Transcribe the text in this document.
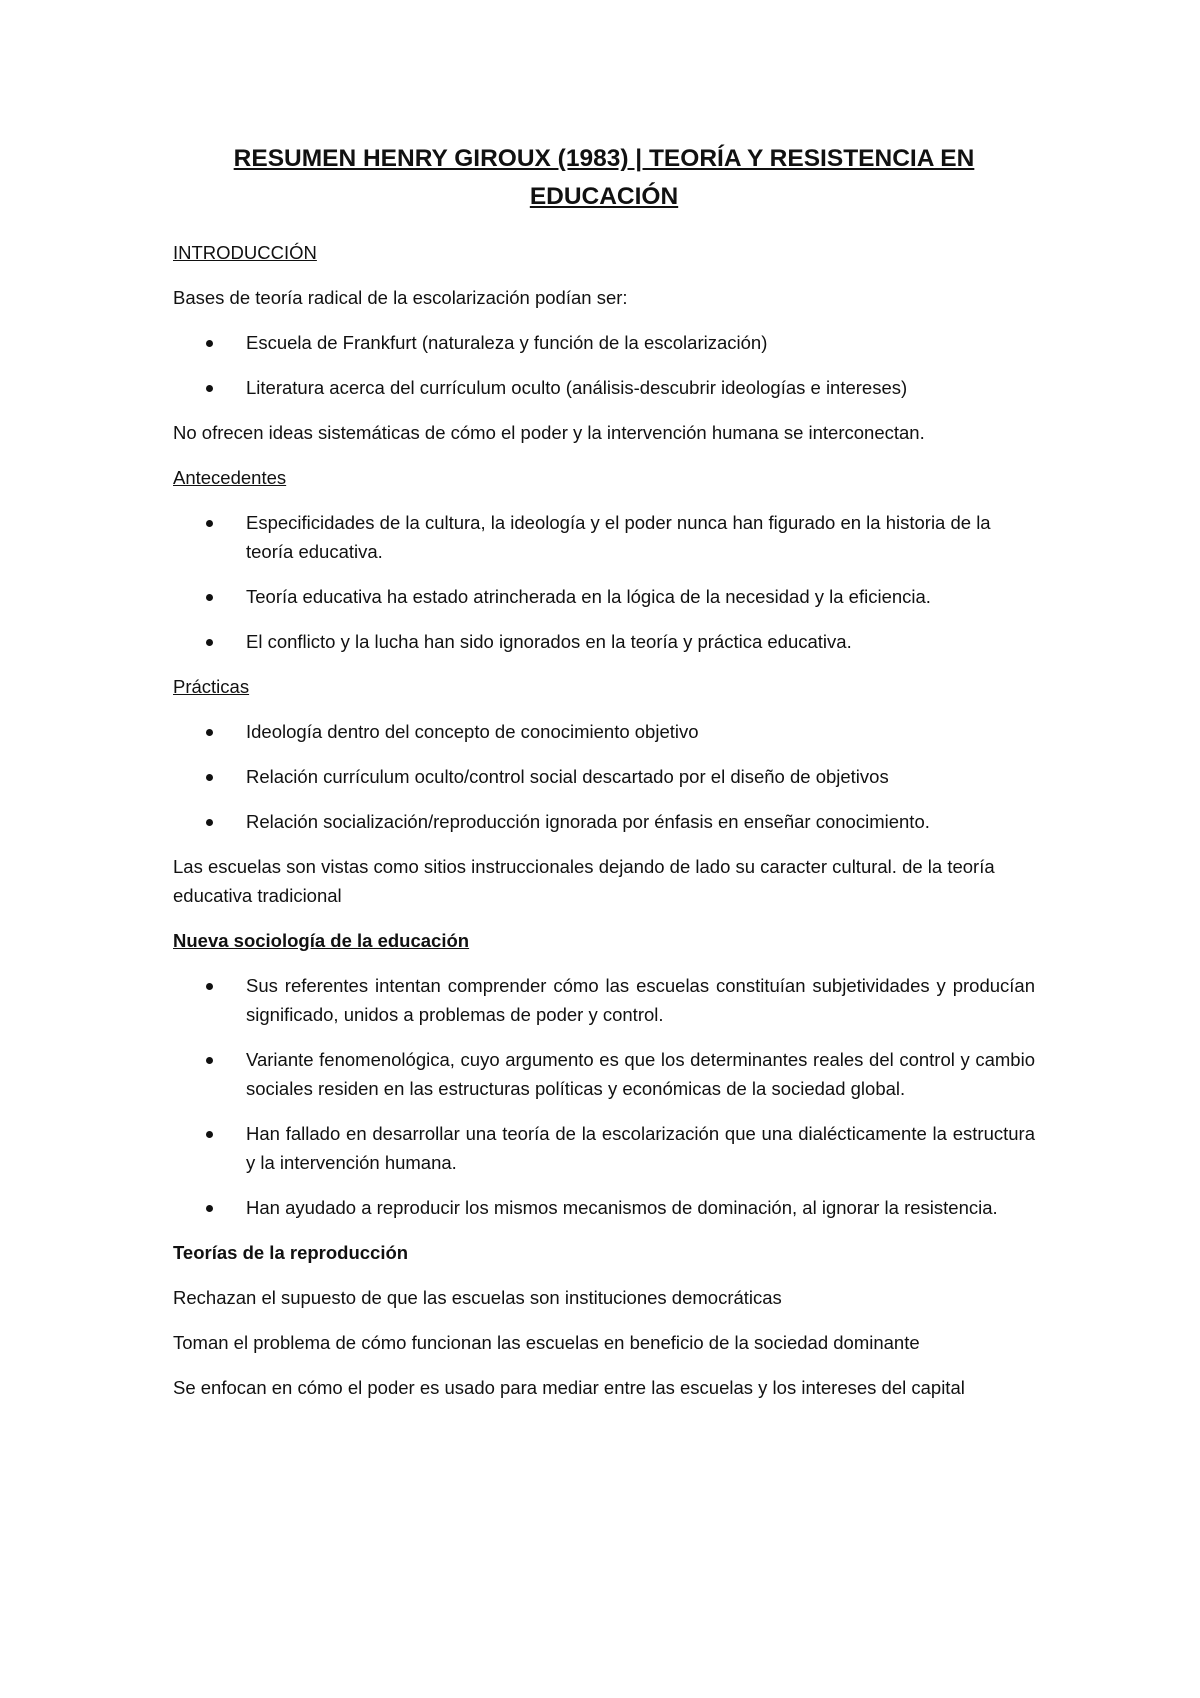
RESUMEN HENRY GIROUX (1983) | TEORÍA Y RESISTENCIA EN
EDUCACIÓN

INTRODUCCIÓN

Bases de teoría radical de la escolarización podían ser:

Escuela de Frankfurt (naturaleza y función de la escolarización)
Literatura acerca del currículum oculto (análisis-descubrir ideologías e intereses)

No ofrecen ideas sistemáticas de cómo el poder y la intervención humana se interconectan.

Antecedentes

Especificidades de la cultura, la ideología y el poder nunca han figurado en la historia de la teoría educativa.
Teoría educativa ha estado atrincherada en la lógica de la necesidad y la eficiencia.
El conflicto y la lucha han sido ignorados en la teoría y práctica educativa.

Prácticas

Ideología dentro del concepto de conocimiento objetivo
Relación currículum oculto/control social descartado por el diseño de objetivos
Relación socialización/reproducción ignorada por énfasis en enseñar conocimiento.

Las escuelas son vistas como sitios instruccionales dejando de lado su caracter cultural. de la teoría educativa tradicional

Nueva sociología de la educación

Sus referentes intentan comprender cómo las escuelas constituían subjetividades y producían significado, unidos a problemas de poder y control.
Variante fenomenológica, cuyo argumento es que los determinantes reales del control y cambio sociales residen en las estructuras políticas y económicas de la sociedad global.
Han fallado en desarrollar una teoría de la escolarización que una dialécticamente la estructura y la intervención humana.
Han ayudado a reproducir los mismos mecanismos de dominación, al ignorar la resistencia.

Teorías de la reproducción

Rechazan el supuesto de que las escuelas son instituciones democráticas

Toman el problema de cómo funcionan las escuelas en beneficio de la sociedad dominante

Se enfocan en cómo el poder es usado para mediar entre las escuelas y los intereses del capital
